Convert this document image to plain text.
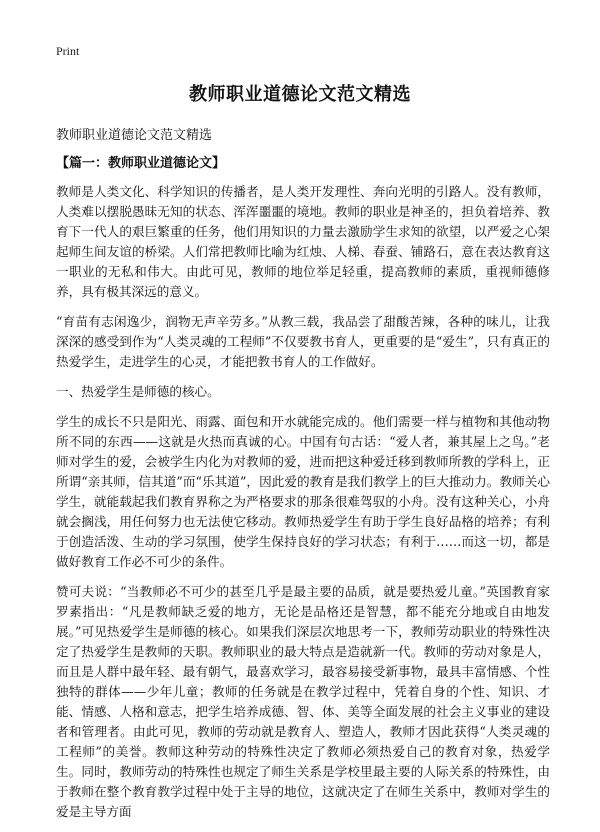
Print
教师职业道德论文范文精选
教师职业道德论文范文精选
【篇一：教师职业道德论文】

教师是人类文化、科学知识的传播者，是人类开发理性、奔向光明的引路人。没有教师，人类难以摆脱愚昧无知的状态、浑浑噩噩的境地。教师的职业是神圣的，担负着培养、教育下一代人的艰巨繁重的任务，他们用知识的力量去激励学生求知的欲望，以严爱之心架起师生间友谊的桥梁。人们常把教师比喻为红烛、人梯、春蚕、铺路石，意在表达教育这一职业的无私和伟大。由此可见，教师的地位举足轻重，提高教师的素质，重视师德修养，具有极其深远的意义。

“育苗有志闲逸少，润物无声辛劳多。”从教三载，我品尝了甜酸苦辣，各种的味儿，让我深深的感受到作为“人类灵魂的工程师”不仅要教书育人，更重要的是“爱生”，只有真正的热爱学生，走进学生的心灵，才能把教书育人的工作做好。

一、热爱学生是师德的核心。

学生的成长不只是阳光、雨露、面包和开水就能完成的。他们需要一样与植物和其他动物所不同的东西——这就是火热而真诚的心。中国有句古话：“爱人者，兼其屋上之鸟。”老师对学生的爱，会被学生内化为对教师的爱，进而把这种爱迁移到教师所教的学科上，正所谓“亲其师，信其道”而“乐其道”，因此爱的教育是我们教学上的巨大推动力。教师关心学生，就能载起我们教育界称之为严格要求的那条很难驾驭的小舟。没有这种关心，小舟就会搁浅，用任何努力也无法使它移动。教师热爱学生有助于学生良好品格的培养；有利于创造活泼、生动的学习氛围，使学生保持良好的学习状态；有利于……而这一切，都是做好教育工作必不可少的条件。

赞可夫说：“当教师必不可少的甚至几乎是最主要的品质，就是要热爱儿童。”英国教育家罗素指出：“凡是教师缺乏爱的地方，无论是品格还是智慧，都不能充分地或自由地发展。”可见热爱学生是师德的核心。如果我们深层次地思考一下，教师劳动职业的特殊性决定了热爱学生是教师的天职。教师职业的最大特点是造就新一代。教师的劳动对象是人，而且是人群中最年轻、最有朝气，最喜欢学习，最容易接受新事物，最具丰富情感、个性独特的群体——少年儿童；教师的任务就是在教学过程中，凭着自身的个性、知识、才能、情感、人格和意志，把学生培养成德、智、体、美等全面发展的社会主义事业的建设者和管理者。由此可见，教师的劳动就是教育人、塑造人，教师才因此获得“人类灵魂的工程师”的美誉。教师这种劳动的特殊性决定了教师必须热爱自己的教育对象，热爱学生。同时，教师劳动的特殊性也规定了师生关系是学校里最主要的人际关系的特殊性，由于教师在整个教育教学过程中处于主导的地位，这就决定了在师生关系中，教师对学生的爱是主导方面
